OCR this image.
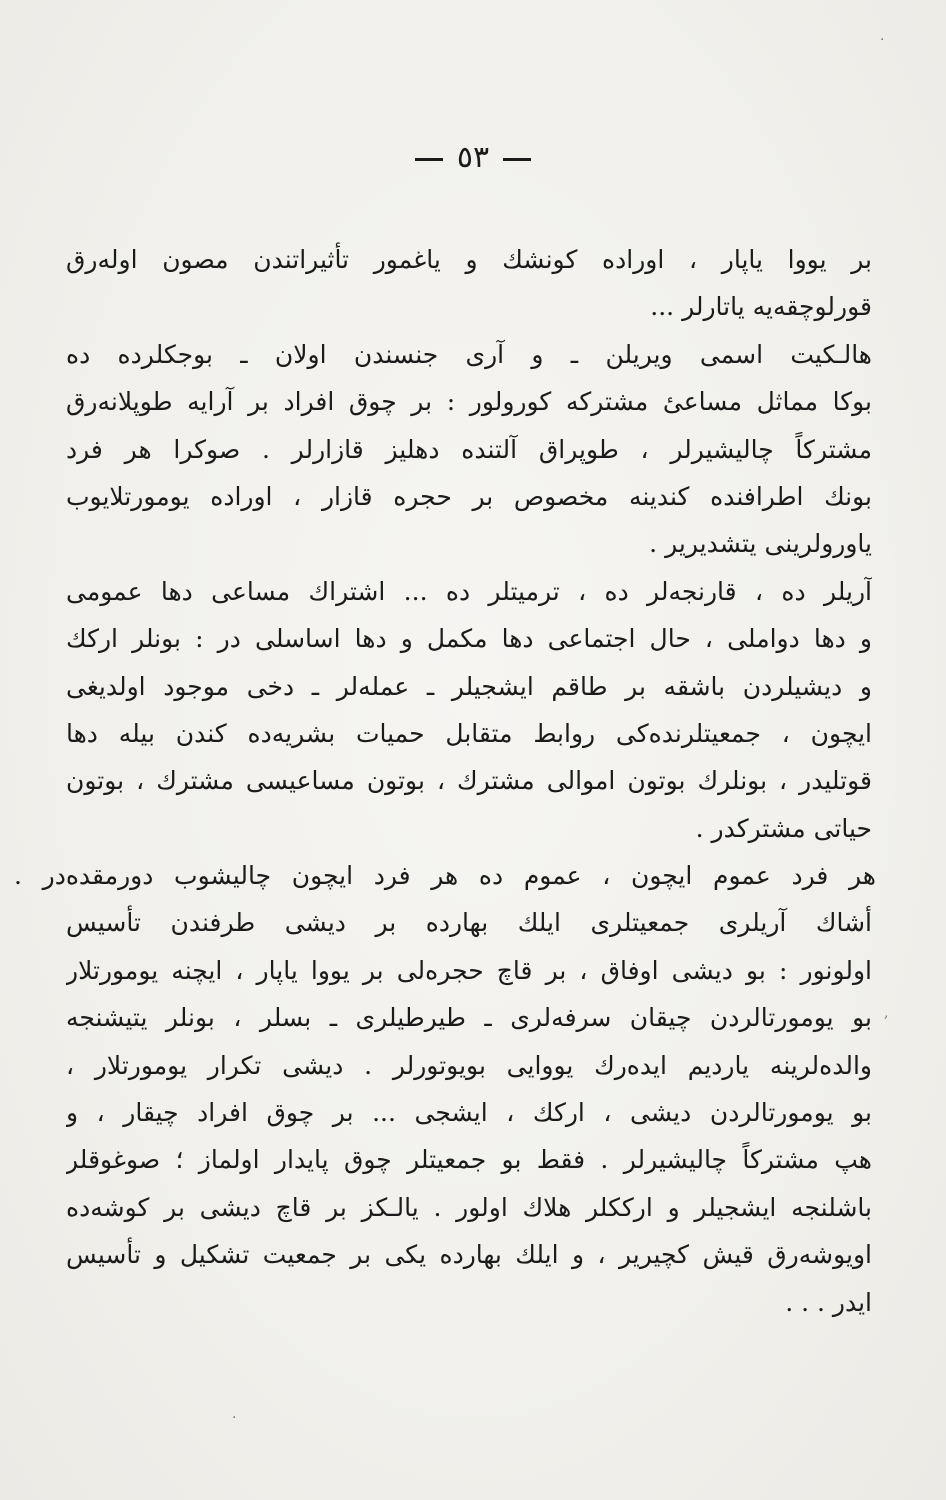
٥٣
بر یووا یاپار ، اوراده کونشك و یاغمور تأثیراتندن مصون اولەرق
قورلوچقەیە یاتارلر ...
هالـکیت اسمی ویریلن ـ و آری جنسندن اولان ـ بوجکلرده ده
بوکا مماثل مساعیٔ مشترکه کورولور : بر چوق افراد بر آرایه طوپلانەرق
مشترکاً چالیشیرلر ، طوپراق آلتنده دهلیز قازارلر . صوکرا هر فرد
بونك اطرافنده کندینه مخصوص بر حجره قازار ، اوراده یومورتلایوب
یاورولرینی یتشدیریر .
آریلر ده ، قارنجەلر ده ، ترمیتلر ده ... اشتراك مساعی دها عمومی
و دها دواملی ، حال اجتماعی دها مکمل و دها اساسلی در : بونلر ارکك
و دیشیلردن باشقه بر طاقم ایشجیلر ـ عملەلر ـ دخی موجود اولدیغی
ایچون ، جمعیتلرندەکی روابط متقابل حمیات بشریەده کندن بیله دها
قوتلیدر ، بونلرك بوتون اموالی مشترك ، بوتون مساعیسی مشترك ، بوتون
حیاتی مشترکدر .
هر فرد عموم ایچون ، عموم ده هر فرد ایچون چالیشوب دورمقدەدر .
أشاك آریلری جمعیتلری ایلك بهارده بر دیشی طرفندن تأسیس
اولونور : بو دیشی اوفاق ، بر قاچ حجرەلی بر یووا یاپار ، ایچنه یومورتلار
بو یومورتالردن چیقان سرفەلری ـ طیرطیلری ـ بسلر ، بونلر یتیشنجه
والدەلرینه یاردیم ایدەرك یووایی بویوتورلر . دیشی تکرار یومورتلار ،
بو یومورتالردن دیشی ، ارکك ، ایشجی ... بر چوق افراد چیقار ، و
هپ مشترکاً چالیشیرلر . فقط بو جمعیتلر چوق پایدار اولماز ؛ صوغوقلر
باشلنجه ایشجیلر و ارککلر هلاك اولور . یالـکز بر قاچ دیشی بر کوشەده
اویوشەرق قیش کچیریر ، و ایلك بهارده یکی بر جمعیت تشکیل و تأسیس
ایدر . . .
·
,
·
